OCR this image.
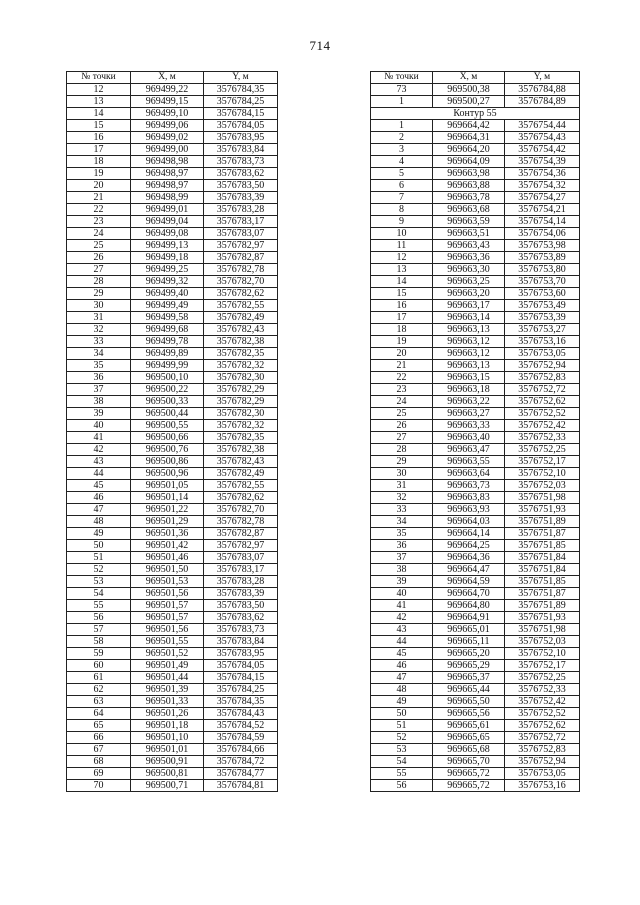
714
№ точки	X, м	Y, м
12	969499,22	3576784,35
13	969499,15	3576784,25
14	969499,10	3576784,15
15	969499,06	3576784,05
16	969499,02	3576783,95
17	969499,00	3576783,84
18	969498,98	3576783,73
19	969498,97	3576783,62
20	969498,97	3576783,50
21	969498,99	3576783,39
22	969499,01	3576783,28
23	969499,04	3576783,17
24	969499,08	3576783,07
25	969499,13	3576782,97
26	969499,18	3576782,87
27	969499,25	3576782,78
28	969499,32	3576782,70
29	969499,40	3576782,62
30	969499,49	3576782,55
31	969499,58	3576782,49
32	969499,68	3576782,43
33	969499,78	3576782,38
34	969499,89	3576782,35
35	969499,99	3576782,32
36	969500,10	3576782,30
37	969500,22	3576782,29
38	969500,33	3576782,29
39	969500,44	3576782,30
40	969500,55	3576782,32
41	969500,66	3576782,35
42	969500,76	3576782,38
43	969500,86	3576782,43
44	969500,96	3576782,49
45	969501,05	3576782,55
46	969501,14	3576782,62
47	969501,22	3576782,70
48	969501,29	3576782,78
49	969501,36	3576782,87
50	969501,42	3576782,97
51	969501,46	3576783,07
52	969501,50	3576783,17
53	969501,53	3576783,28
54	969501,56	3576783,39
55	969501,57	3576783,50
56	969501,57	3576783,62
57	969501,56	3576783,73
58	969501,55	3576783,84
59	969501,52	3576783,95
60	969501,49	3576784,05
61	969501,44	3576784,15
62	969501,39	3576784,25
63	969501,33	3576784,35
64	969501,26	3576784,43
65	969501,18	3576784,52
66	969501,10	3576784,59
67	969501,01	3576784,66
68	969500,91	3576784,72
69	969500,81	3576784,77
70	969500,71	3576784,81
№ точки	X, м	Y, м
73	969500,38	3576784,88
1	969500,27	3576784,89
Контур 55		
1	969664,42	3576754,44
2	969664,31	3576754,43
3	969664,20	3576754,42
4	969664,09	3576754,39
5	969663,98	3576754,36
6	969663,88	3576754,32
7	969663,78	3576754,27
8	969663,68	3576754,21
9	969663,59	3576754,14
10	969663,51	3576754,06
11	969663,43	3576753,98
12	969663,36	3576753,89
13	969663,30	3576753,80
14	969663,25	3576753,70
15	969663,20	3576753,60
16	969663,17	3576753,49
17	969663,14	3576753,39
18	969663,13	3576753,27
19	969663,12	3576753,16
20	969663,12	3576753,05
21	969663,13	3576752,94
22	969663,15	3576752,83
23	969663,18	3576752,72
24	969663,22	3576752,62
25	969663,27	3576752,52
26	969663,33	3576752,42
27	969663,40	3576752,33
28	969663,47	3576752,25
29	969663,55	3576752,17
30	969663,64	3576752,10
31	969663,73	3576752,03
32	969663,83	3576751,98
33	969663,93	3576751,93
34	969664,03	3576751,89
35	969664,14	3576751,87
36	969664,25	3576751,85
37	969664,36	3576751,84
38	969664,47	3576751,84
39	969664,59	3576751,85
40	969664,70	3576751,87
41	969664,80	3576751,89
42	969664,91	3576751,93
43	969665,01	3576751,98
44	969665,11	3576752,03
45	969665,20	3576752,10
46	969665,29	3576752,17
47	969665,37	3576752,25
48	969665,44	3576752,33
49	969665,50	3576752,42
50	969665,56	3576752,52
51	969665,61	3576752,62
52	969665,65	3576752,72
53	969665,68	3576752,83
54	969665,70	3576752,94
55	969665,72	3576753,05
56	969665,72	3576753,16
